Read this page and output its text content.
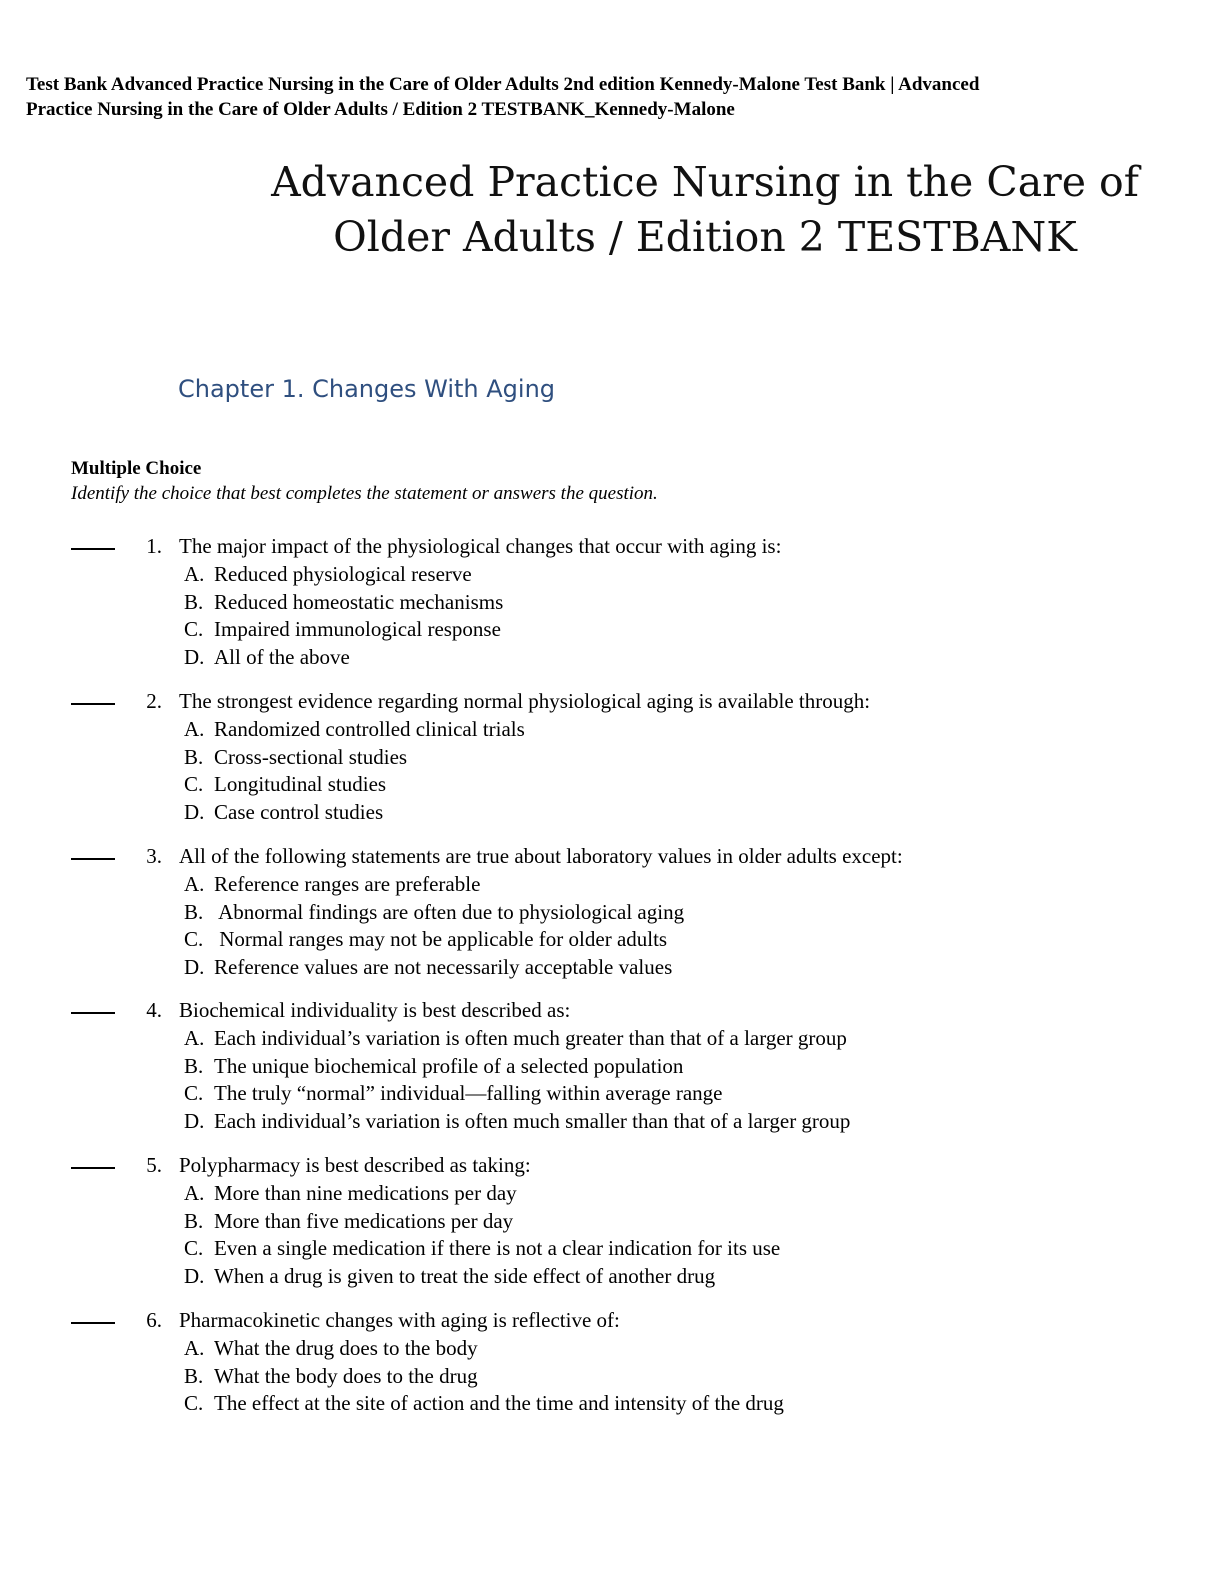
Test Bank Advanced Practice Nursing in the Care of Older Adults 2nd edition Kennedy-Malone Test Bank | Advanced
Practice Nursing in the Care of Older Adults / Edition 2 TESTBANK_Kennedy-Malone
Advanced Practice Nursing in the Care of
Older Adults / Edition 2 TESTBANK
Chapter 1. Changes With Aging
Multiple Choice
Identify the choice that best completes the statement or answers the question.
1. The major impact of the physiological changes that occur with aging is:
A. Reduced physiological reserve
B. Reduced homeostatic mechanisms
C. Impaired immunological response
D. All of the above
2. The strongest evidence regarding normal physiological aging is available through:
A. Randomized controlled clinical trials
B. Cross-sectional studies
C. Longitudinal studies
D. Case control studies
3. All of the following statements are true about laboratory values in older adults except:
A. Reference ranges are preferable
B. Abnormal findings are often due to physiological aging
C. Normal ranges may not be applicable for older adults
D. Reference values are not necessarily acceptable values
4. Biochemical individuality is best described as:
A. Each individual’s variation is often much greater than that of a larger group
B. The unique biochemical profile of a selected population
C. The truly “normal” individual—falling within average range
D. Each individual’s variation is often much smaller than that of a larger group
5. Polypharmacy is best described as taking:
A. More than nine medications per day
B. More than five medications per day
C. Even a single medication if there is not a clear indication for its use
D. When a drug is given to treat the side effect of another drug
6. Pharmacokinetic changes with aging is reflective of:
A. What the drug does to the body
B. What the body does to the drug
C. The effect at the site of action and the time and intensity of the drug
